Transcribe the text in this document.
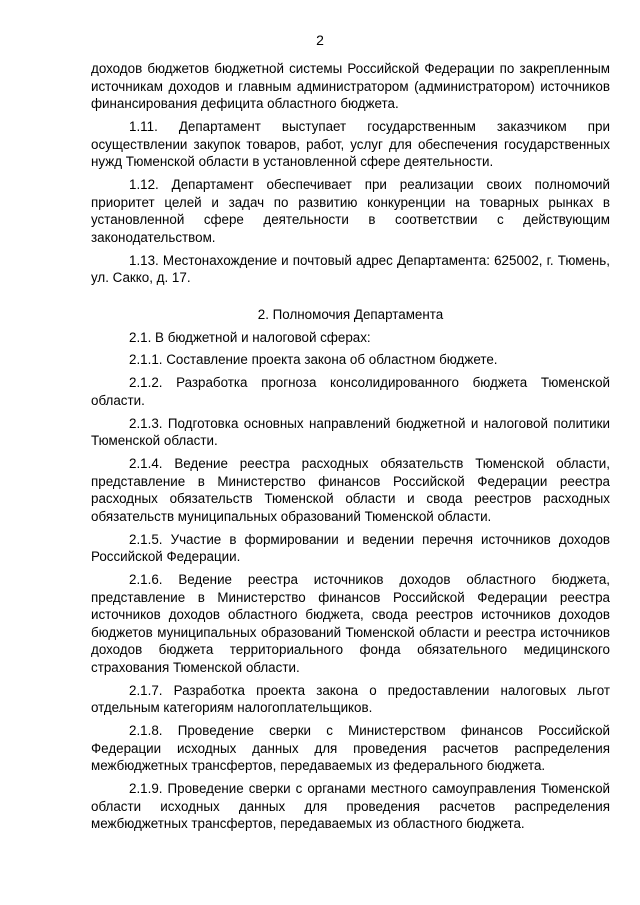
2

доходов бюджетов бюджетной системы Российской Федерации по закрепленным источникам доходов и главным администратором (администратором) источников финансирования дефицита областного бюджета.

1.11. Департамент выступает государственным заказчиком при осуществлении закупок товаров, работ, услуг для обеспечения государственных нужд Тюменской области в установленной сфере деятельности.

1.12. Департамент обеспечивает при реализации своих полномочий приоритет целей и задач по развитию конкуренции на товарных рынках в установленной сфере деятельности в соответствии с действующим законодательством.

1.13. Местонахождение и почтовый адрес Департамента: 625002, г. Тюмень, ул. Сакко, д. 17.

2. Полномочия Департамента

2.1. В бюджетной и налоговой сферах:

2.1.1. Составление проекта закона об областном бюджете.

2.1.2. Разработка прогноза консолидированного бюджета Тюменской области.

2.1.3. Подготовка основных направлений бюджетной и налоговой политики Тюменской области.

2.1.4. Ведение реестра расходных обязательств Тюменской области, представление в Министерство финансов Российской Федерации реестра расходных обязательств Тюменской области и свода реестров расходных обязательств муниципальных образований Тюменской области.

2.1.5. Участие в формировании и ведении перечня источников доходов Российской Федерации.

2.1.6. Ведение реестра источников доходов областного бюджета, представление в Министерство финансов Российской Федерации реестра источников доходов областного бюджета, свода реестров источников доходов бюджетов муниципальных образований Тюменской области и реестра источников доходов бюджета территориального фонда обязательного медицинского страхования Тюменской области.

2.1.7. Разработка проекта закона о предоставлении налоговых льгот отдельным категориям налогоплательщиков.

2.1.8. Проведение сверки с Министерством финансов Российской Федерации исходных данных для проведения расчетов распределения межбюджетных трансфертов, передаваемых из федерального бюджета.

2.1.9. Проведение сверки с органами местного самоуправления Тюменской области исходных данных для проведения расчетов распределения межбюджетных трансфертов, передаваемых из областного бюджета.
